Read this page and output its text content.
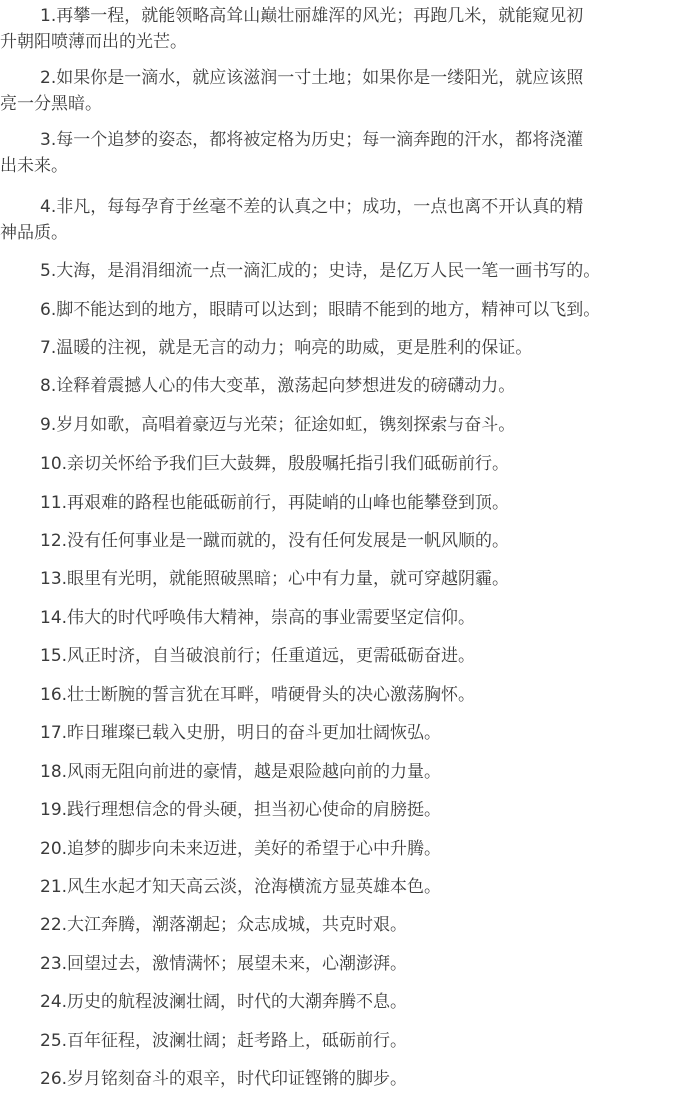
1.再攀一程，就能领略高耸山巅壮丽雄浑的风光；再跑几米，就能窥见初
升朝阳喷薄而出的光芒。

2.如果你是一滴水，就应该滋润一寸土地；如果你是一缕阳光，就应该照
亮一分黑暗。

3.每一个追梦的姿态，都将被定格为历史；每一滴奔跑的汗水，都将浇灌
出未来。

4.非凡，每每孕育于丝毫不差的认真之中；成功，一点也离不开认真的精
神品质。

5.大海，是涓涓细流一点一滴汇成的；史诗，是亿万人民一笔一画书写的。

6.脚不能达到的地方，眼睛可以达到；眼睛不能到的地方，精神可以飞到。

7.温暖的注视，就是无言的动力；响亮的助威，更是胜利的保证。

8.诠释着震撼人心的伟大变革，激荡起向梦想进发的磅礴动力。

9.岁月如歌，高唱着豪迈与光荣；征途如虹，镌刻探索与奋斗。

10.亲切关怀给予我们巨大鼓舞，殷殷嘱托指引我们砥砺前行。

11.再艰难的路程也能砥砺前行，再陡峭的山峰也能攀登到顶。

12.没有任何事业是一蹴而就的，没有任何发展是一帆风顺的。

13.眼里有光明，就能照破黑暗；心中有力量，就可穿越阴霾。

14.伟大的时代呼唤伟大精神，崇高的事业需要坚定信仰。

15.风正时济，自当破浪前行；任重道远，更需砥砺奋进。

16.壮士断腕的誓言犹在耳畔，啃硬骨头的决心激荡胸怀。

17.昨日璀璨已载入史册，明日的奋斗更加壮阔恢弘。

18.风雨无阻向前进的豪情，越是艰险越向前的力量。

19.践行理想信念的骨头硬，担当初心使命的肩膀挺。

20.追梦的脚步向未来迈进，美好的希望于心中升腾。

21.风生水起才知天高云淡，沧海横流方显英雄本色。

22.大江奔腾，潮落潮起；众志成城，共克时艰。

23.回望过去，激情满怀；展望未来，心潮澎湃。

24.历史的航程波澜壮阔，时代的大潮奔腾不息。

25.百年征程，波澜壮阔；赶考路上，砥砺前行。

26.岁月铭刻奋斗的艰辛，时代印证铿锵的脚步。
